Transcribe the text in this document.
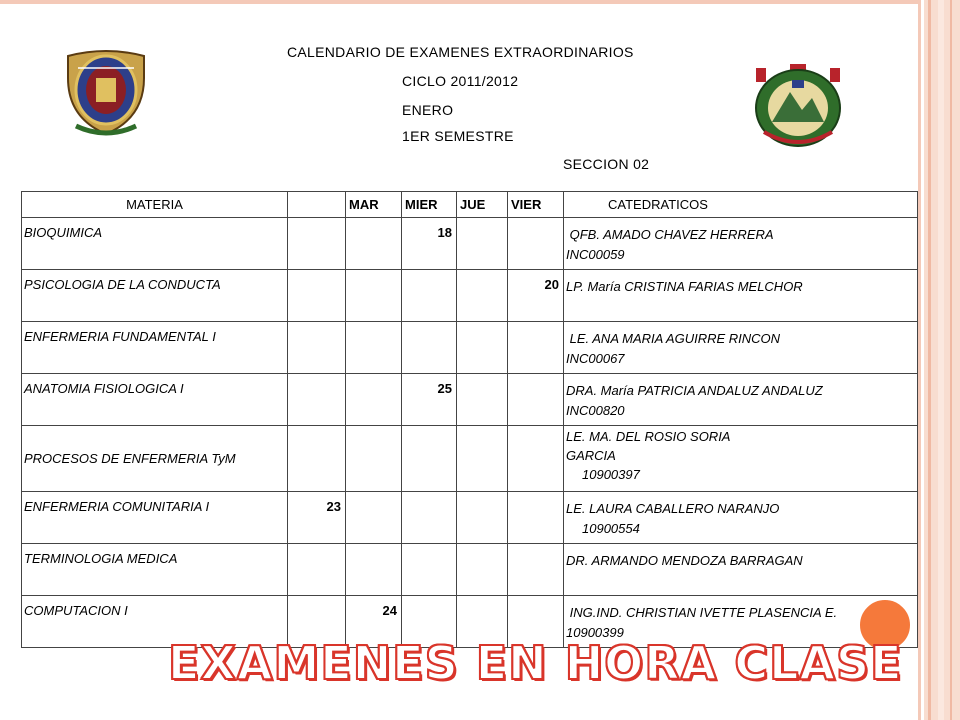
CALENDARIO DE EXAMENES EXTRAORDINARIOS
CICLO 2011/2012
ENERO
1ER SEMESTRE
SECCION 02
MATERIA		MAR	MIER	JUE	VIER	CATEDRATICOS
BIOQUIMICA			18			QFB. AMADO CHAVEZ HERRERA
INC00059

PSICOLOGIA DE LA CONDUCTA					20	LP. María CRISTINA FARIAS MELCHOR

ENFERMERIA FUNDAMENTAL I						LE. ANA MARIA AGUIRRE RINCON
INC00067

ANATOMIA FISIOLOGICA I			25			DRA. María PATRICIA ANDALUZ ANDALUZ
INC00820

PROCESOS DE ENFERMERIA TyM						LE. MA. DEL ROSIO SORIA GARCIA
10900397

ENFERMERIA COMUNITARIA I	23					LE. LAURA CABALLERO NARANJO
10900554

TERMINOLOGIA MEDICA						DR. ARMANDO MENDOZA BARRAGAN

COMPUTACION I		24				ING.IND. CHRISTIAN IVETTE PLASENCIA E.
10900399
EXAMENES EN HORA CLASE
